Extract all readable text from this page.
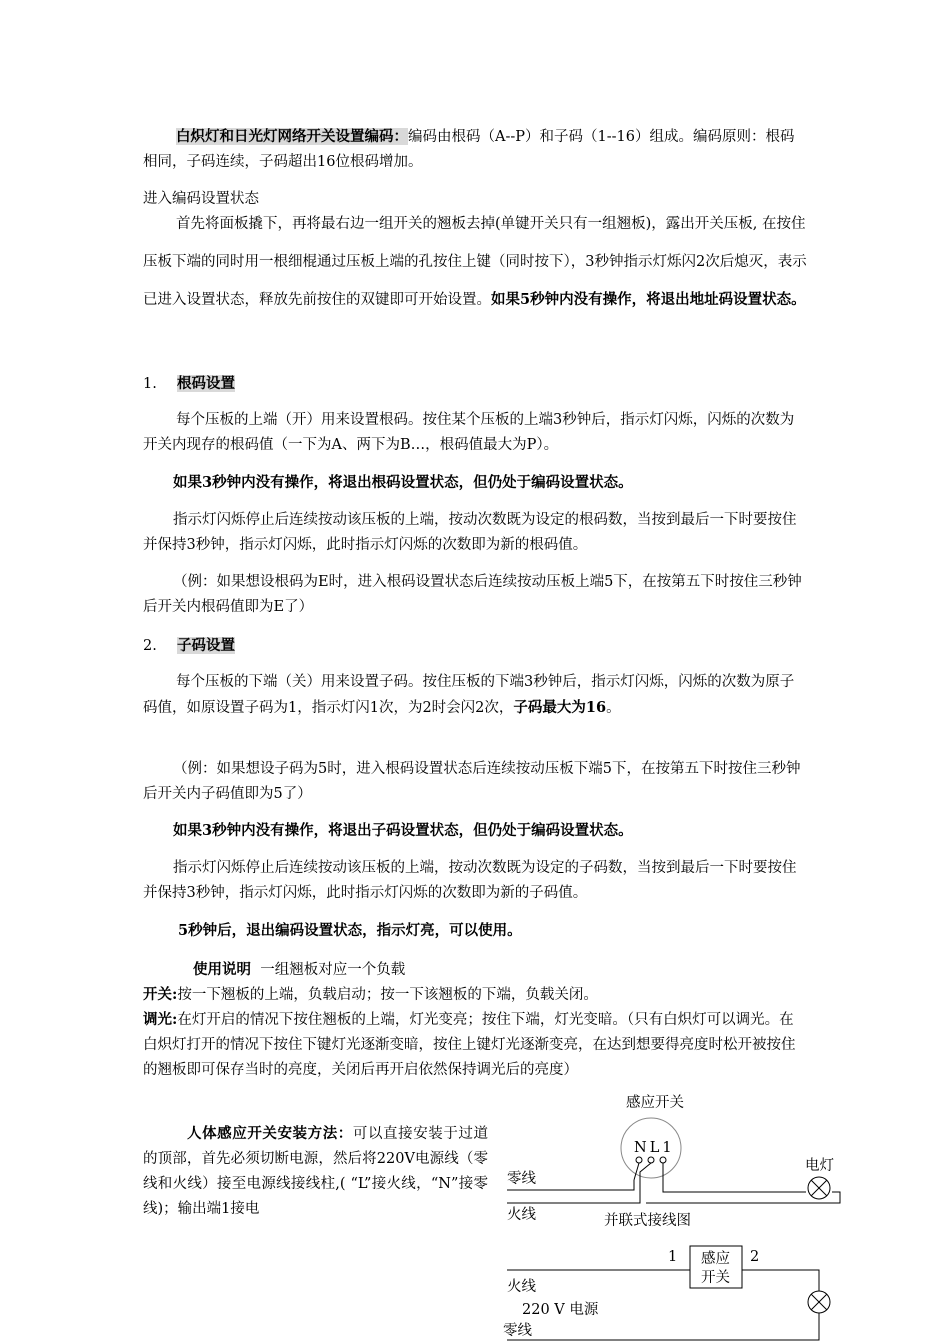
白炽灯和日光灯网络开关设置编码：编码由根码（A--P）和子码（1--16）组成。编码原则：根码相同，子码连续，子码超出16位根码增加。

进入编码设置状态

首先将面板撬下，再将最右边一组开关的翘板去掉(单键开关只有一组翘板)，露出开关压板, 在按住压板下端的同时用一根细棍通过压板上端的孔按住上键（同时按下），3秒钟指示灯烁闪2次后熄灭，表示已进入设置状态，释放先前按住的双键即可开始设置。如果5秒钟内没有操作，将退出地址码设置状态。

1. 根码设置

每个压板的上端（开）用来设置根码。按住某个压板的上端3秒钟后，指示灯闪烁，闪烁的次数为开关内现存的根码值（一下为A、两下为B…，根码值最大为P）。

如果3秒钟内没有操作，将退出根码设置状态，但仍处于编码设置状态。

指示灯闪烁停止后连续按动该压板的上端，按动次数既为设定的根码数，当按到最后一下时要按住并保持3秒钟，指示灯闪烁，此时指示灯闪烁的次数即为新的根码值。

（例：如果想设根码为E时，进入根码设置状态后连续按动压板上端5下，在按第五下时按住三秒钟后开关内根码值即为E了）

2. 子码设置

每个压板的下端（关）用来设置子码。按住压板的下端3秒钟后，指示灯闪烁，闪烁的次数为原子码值，如原设置子码为1，指示灯闪1次，为2时会闪2次，子码最大为16。

（例：如果想设子码为5时，进入根码设置状态后连续按动压板下端5下，在按第五下时按住三秒钟后开关内子码值即为5了）

如果3秒钟内没有操作，将退出子码设置状态，但仍处于编码设置状态。

指示灯闪烁停止后连续按动该压板的上端，按动次数既为设定的子码数，当按到最后一下时要按住并保持3秒钟，指示灯闪烁，此时指示灯闪烁的次数即为新的子码值。

5秒钟后，退出编码设置状态，指示灯亮，可以使用。

使用说明 一组翘板对应一个负载

开关:按一下翘板的上端，负载启动；按一下该翘板的下端，负载关闭。

调光:在灯开启的情况下按住翘板的上端，灯光变亮；按住下端，灯光变暗。（只有白炽灯可以调光。在白炽灯打开的情况下按住下键灯光逐渐变暗，按住上键灯光逐渐变亮，在达到想要得亮度时松开被按住的翘板即可保存当时的亮度，关闭后再开启依然保持调光后的亮度）

人体感应开关安装方法：可以直接安装于过道的顶部，首先必须切断电源，然后将220V电源线（零线和火线）接至电源线接线柱,( “L”接火线，“N”接零线)；输出端1接电

感应开关
NL1
电灯
零线
火线	并联式接线图
1	2
感应
开关
火线
220 V 电源
零线
